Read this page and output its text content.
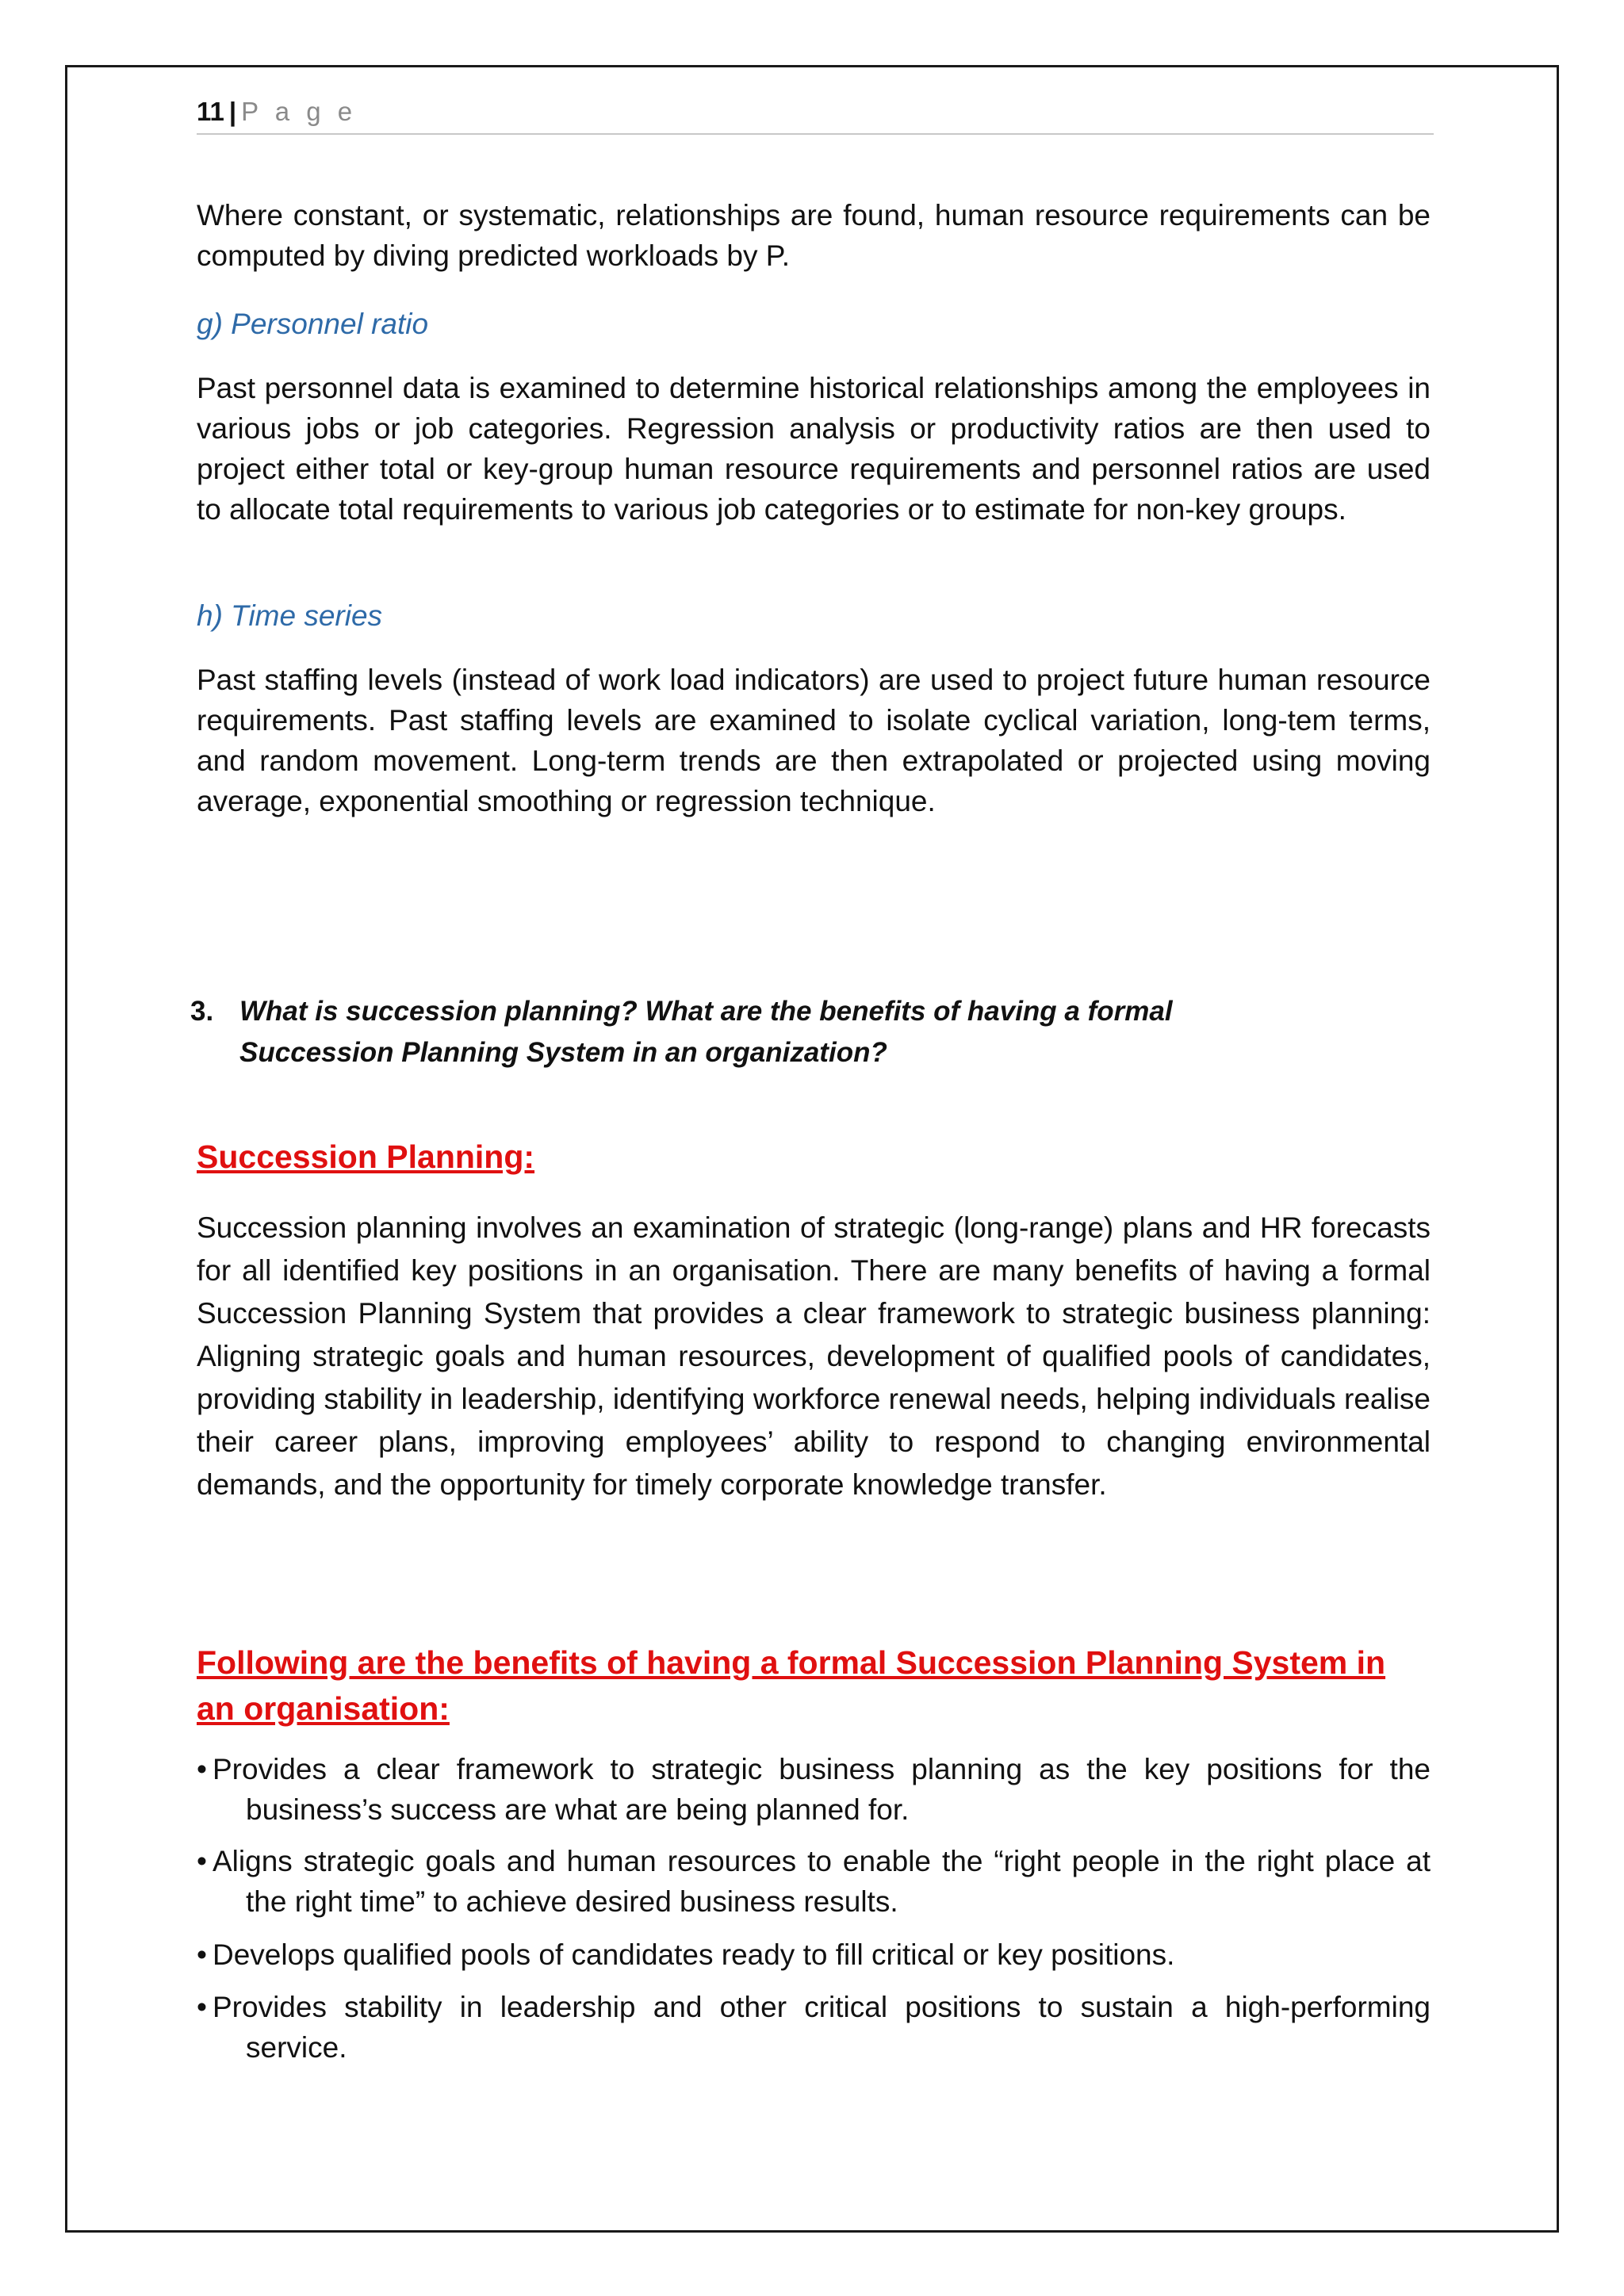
11 | P a g e

Where constant, or systematic, relationships are found, human resource requirements can be computed by diving predicted workloads by P.

g) Personnel ratio

Past personnel data is examined to determine historical relationships among the employees in various jobs or job categories. Regression analysis or productivity ratios are then used to project either total or key-group human resource requirements and personnel ratios are used to allocate total requirements to various job categories or to estimate for non-key groups.

h) Time series

Past staffing levels (instead of work load indicators) are used to project future human resource requirements. Past staffing levels are examined to isolate cyclical variation, long-tem terms, and random movement. Long-term trends are then extrapolated or projected using moving average, exponential smoothing or regression technique.

3. What is succession planning? What are the benefits of having a formal
Succession Planning System in an organization?
Succession Planning:

Succession planning involves an examination of strategic (long-range) plans and HR forecasts for all identified key positions in an organisation. There are many benefits of having a formal Succession Planning System that provides a clear framework to strategic business planning: Aligning strategic goals and human resources, development of qualified pools of candidates, providing stability in leadership, identifying workforce renewal needs, helping individuals realise their career plans, improving employees’ ability to respond to changing environmental demands, and the opportunity for timely corporate knowledge transfer.

Following are the benefits of having a formal Succession Planning System in an organisation:
• Provides a clear framework to strategic business planning as the key positions for the business’s success are what are being planned for.
• Aligns strategic goals and human resources to enable the “right people in the right place at the right time” to achieve desired business results.
• Develops qualified pools of candidates ready to fill critical or key positions.
• Provides stability in leadership and other critical positions to sustain a high-performing service.
